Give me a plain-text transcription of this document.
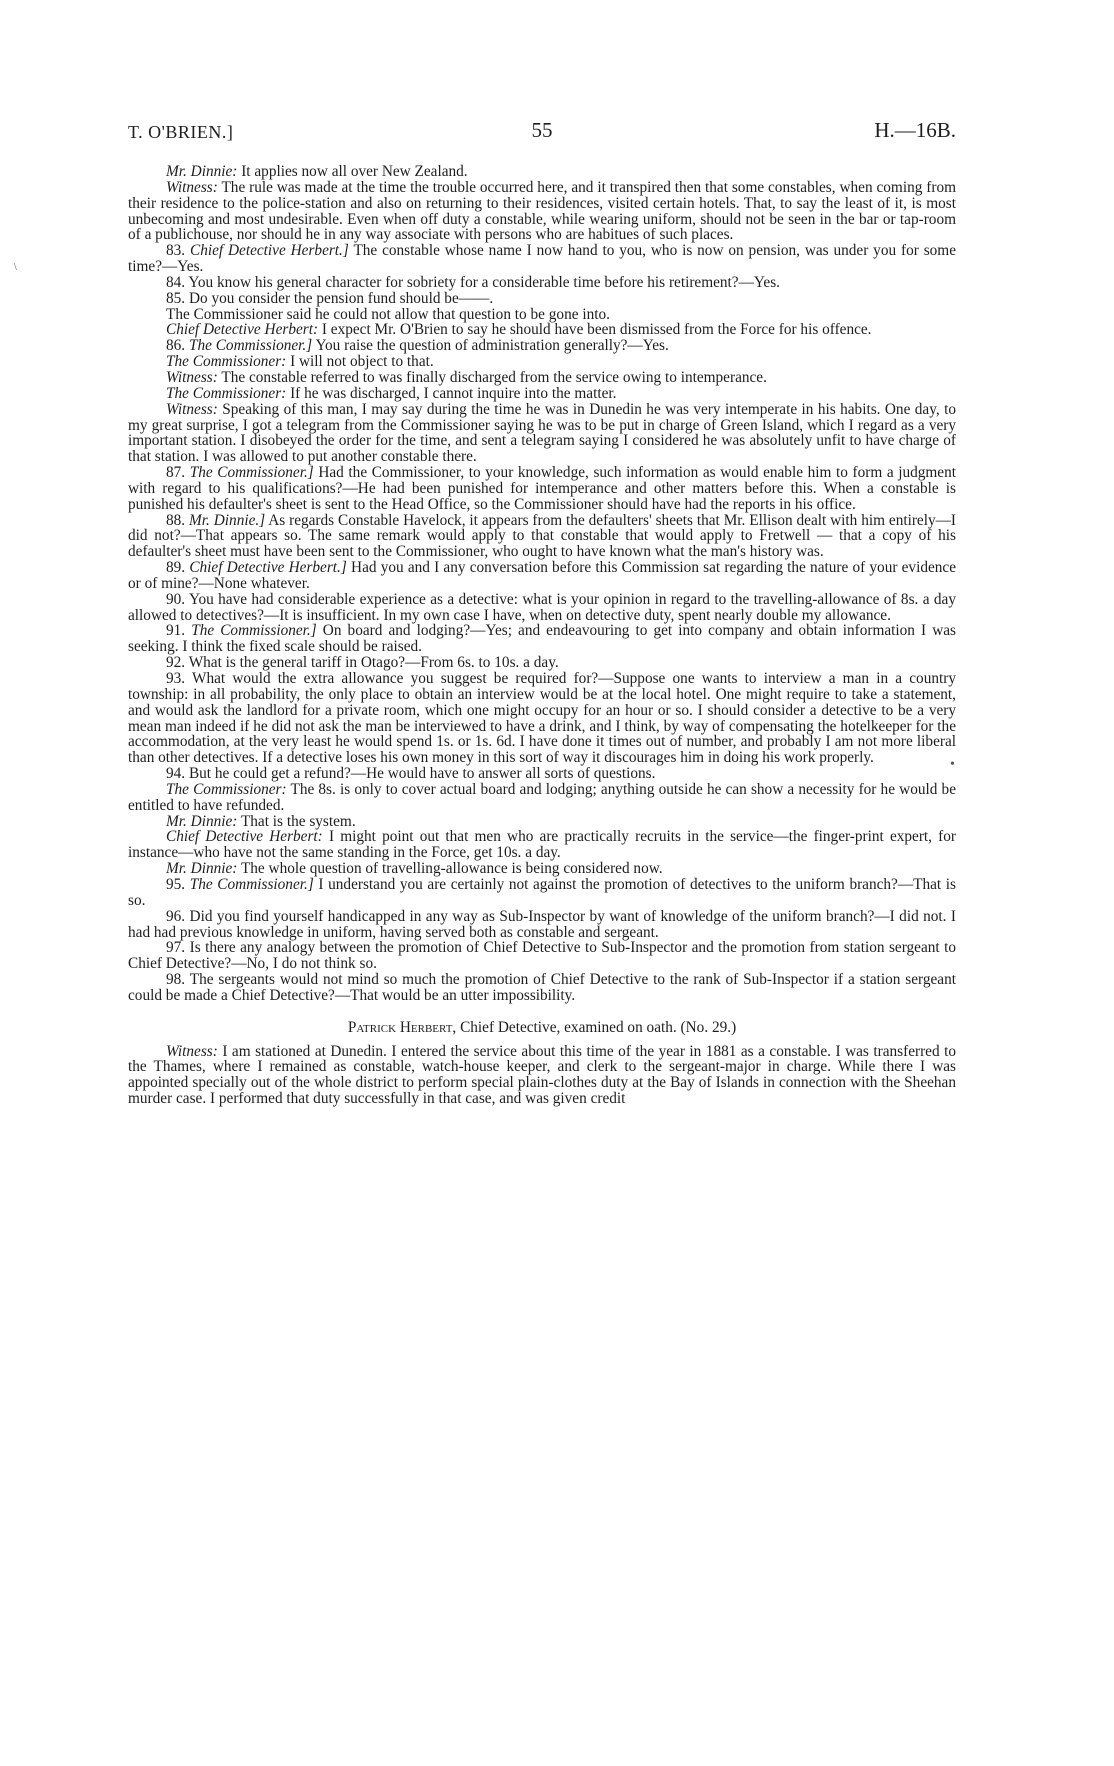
T. O'BRIEN.]	55	H.—16B.

Mr. Dinnie: It applies now all over New Zealand.

Witness: The rule was made at the time the trouble occurred here, and it transpired then that some constables, when coming from their residence to the police-station and also on returning to their residences, visited certain hotels. That, to say the least of it, is most unbecoming and most undesirable. Even when off duty a constable, while wearing uniform, should not be seen in the bar or tap-room of a publichouse, nor should he in any way associate with persons who are habitues of such places.

83. Chief Detective Herbert.] The constable whose name I now hand to you, who is now on pension, was under you for some time?—Yes.

84. You know his general character for sobriety for a considerable time before his retirement?—Yes.

85. Do you consider the pension fund should be——.

The Commissioner said he could not allow that question to be gone into.

Chief Detective Herbert: I expect Mr. O'Brien to say he should have been dismissed from the Force for his offence.

86. The Commissioner.] You raise the question of administration generally?—Yes.

The Commissioner: I will not object to that.

Witness: The constable referred to was finally discharged from the service owing to intemperance.

The Commissioner: If he was discharged, I cannot inquire into the matter.

Witness: Speaking of this man, I may say during the time he was in Dunedin he was very intemperate in his habits. One day, to my great surprise, I got a telegram from the Commissioner saying he was to be put in charge of Green Island, which I regard as a very important station. I disobeyed the order for the time, and sent a telegram saying I considered he was absolutely unfit to have charge of that station. I was allowed to put another constable there.

87. The Commissioner.] Had the Commissioner, to your knowledge, such information as would enable him to form a judgment with regard to his qualifications?—He had been punished for intemperance and other matters before this. When a constable is punished his defaulter's sheet is sent to the Head Office, so the Commissioner should have had the reports in his office.

88. Mr. Dinnie.] As regards Constable Havelock, it appears from the defaulters' sheets that Mr. Ellison dealt with him entirely—I did not?—That appears so. The same remark would apply to that constable that would apply to Fretwell — that a copy of his defaulter's sheet must have been sent to the Commissioner, who ought to have known what the man's history was.

89. Chief Detective Herbert.] Had you and I any conversation before this Commission sat regarding the nature of your evidence or of mine?—None whatever.

90. You have had considerable experience as a detective: what is your opinion in regard to the travelling-allowance of 8s. a day allowed to detectives?—It is insufficient. In my own case I have, when on detective duty, spent nearly double my allowance.

91. The Commissioner.] On board and lodging?—Yes; and endeavouring to get into company and obtain information I was seeking. I think the fixed scale should be raised.

92. What is the general tariff in Otago?—From 6s. to 10s. a day.

93. What would the extra allowance you suggest be required for?—Suppose one wants to interview a man in a country township: in all probability, the only place to obtain an interview would be at the local hotel. One might require to take a statement, and would ask the landlord for a private room, which one might occupy for an hour or so. I should consider a detective to be a very mean man indeed if he did not ask the man be interviewed to have a drink, and I think, by way of compensating the hotelkeeper for the accommodation, at the very least he would spend 1s. or 1s. 6d. I have done it times out of number, and probably I am not more liberal than other detectives. If a detective loses his own money in this sort of way it discourages him in doing his work properly.

94. But he could get a refund?—He would have to answer all sorts of questions.

The Commissioner: The 8s. is only to cover actual board and lodging; anything outside he can show a necessity for he would be entitled to have refunded.

Mr. Dinnie: That is the system.

Chief Detective Herbert: I might point out that men who are practically recruits in the service—the finger-print expert, for instance—who have not the same standing in the Force, get 10s. a day.

Mr. Dinnie: The whole question of travelling-allowance is being considered now.

95. The Commissioner.] I understand you are certainly not against the promotion of detectives to the uniform branch?—That is so.

96. Did you find yourself handicapped in any way as Sub-Inspector by want of knowledge of the uniform branch?—I did not. I had had previous knowledge in uniform, having served both as constable and sergeant.

97. Is there any analogy between the promotion of Chief Detective to Sub-Inspector and the promotion from station sergeant to Chief Detective?—No, I do not think so.

98. The sergeants would not mind so much the promotion of Chief Detective to the rank of Sub-Inspector if a station sergeant could be made a Chief Detective?—That would be an utter impossibility.

Patrick Herbert, Chief Detective, examined on oath. (No. 29.)

Witness: I am stationed at Dunedin. I entered the service about this time of the year in 1881 as a constable. I was transferred to the Thames, where I remained as constable, watch-house keeper, and clerk to the sergeant-major in charge. While there I was appointed specially out of the whole district to perform special plain-clothes duty at the Bay of Islands in connection with the Sheehan murder case. I performed that duty successfully in that case, and was given credit

\
•
